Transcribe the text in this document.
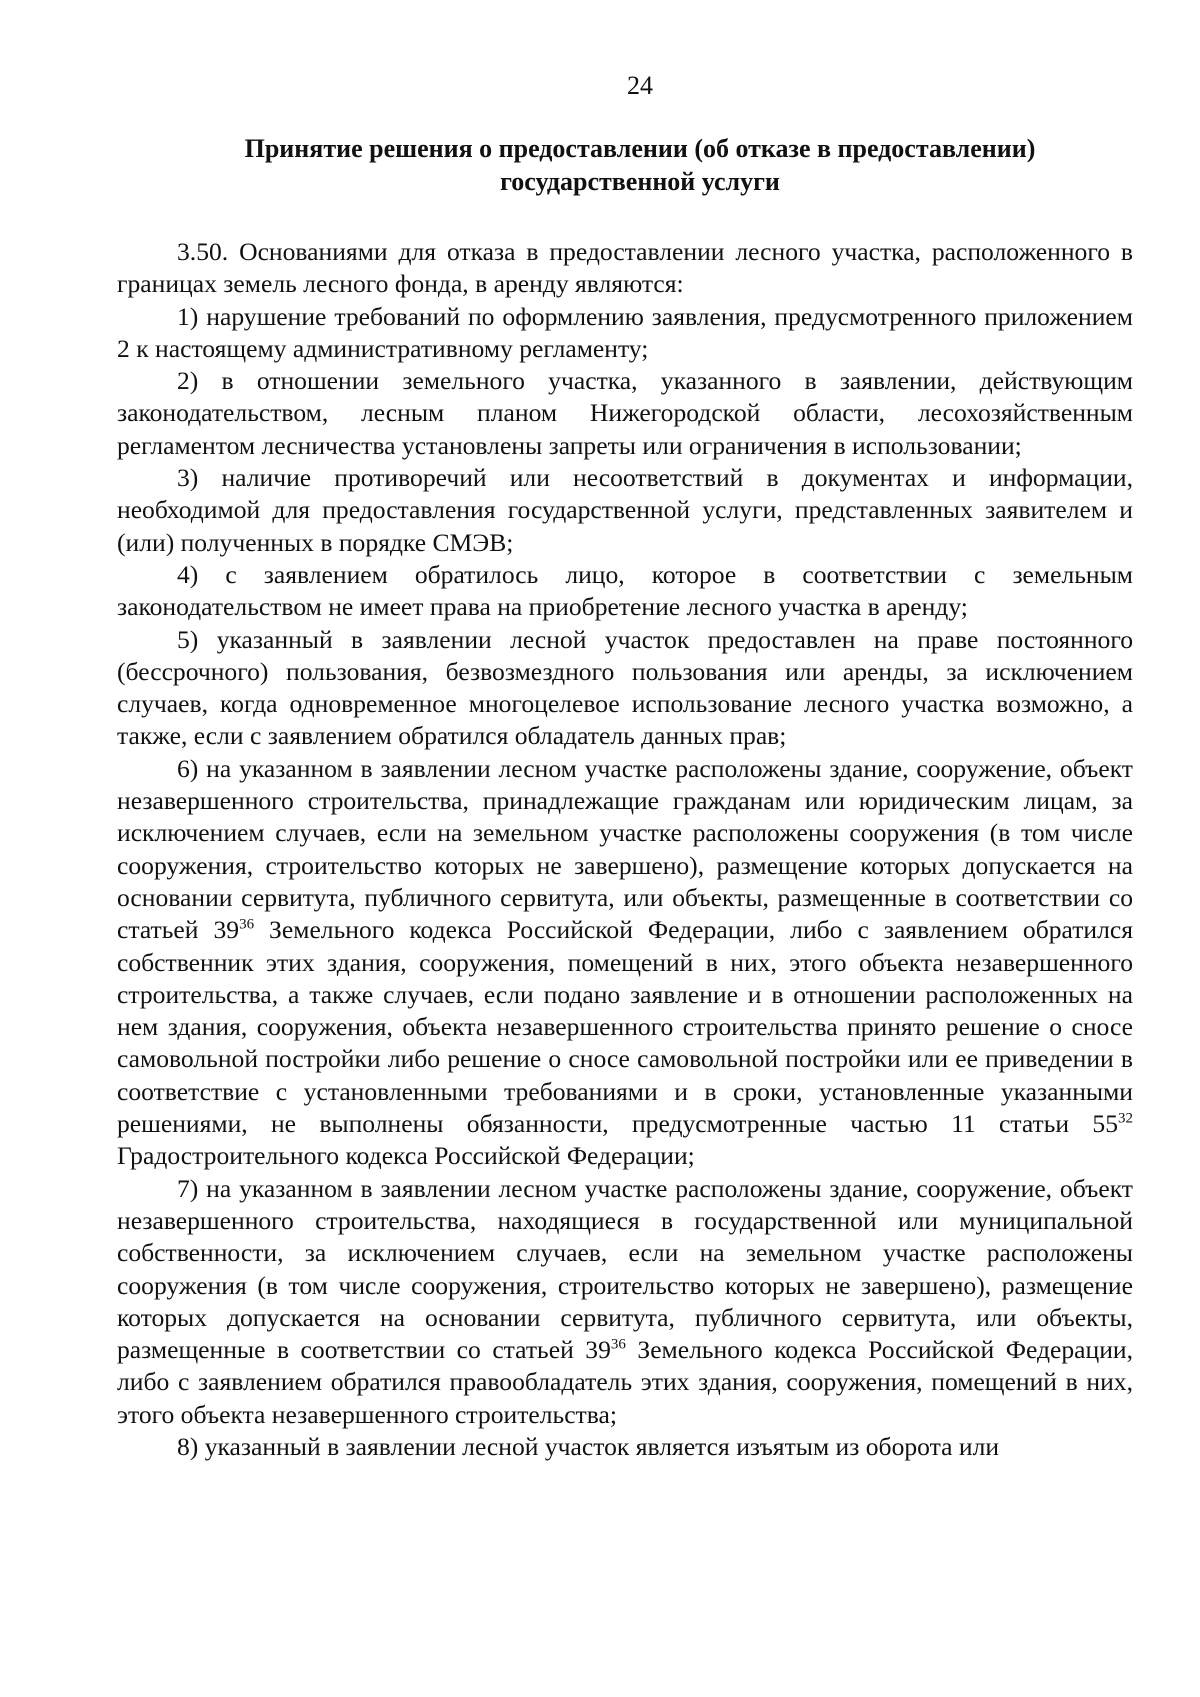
24
Принятие решения о предоставлении (об отказе в предоставлении)
государственной услуги

3.50. Основаниями для отказа в предоставлении лесного участка, расположенного в границах земель лесного фонда, в аренду являются:

1) нарушение требований по оформлению заявления, предусмотренного приложением 2 к настоящему административному регламенту;

2) в отношении земельного участка, указанного в заявлении, действующим законодательством, лесным планом Нижегородской области, лесохозяйственным регламентом лесничества установлены запреты или ограничения в использовании;

3) наличие противоречий или несоответствий в документах и информации, необходимой для предоставления государственной услуги, представленных заявителем и (или) полученных в порядке СМЭВ;

4) с заявлением обратилось лицо, которое в соответствии с земельным законодательством не имеет права на приобретение лесного участка в аренду;

5) указанный в заявлении лесной участок предоставлен на праве постоянного (бессрочного) пользования, безвозмездного пользования или аренды, за исключением случаев, когда одновременное многоцелевое использование лесного участка возможно, а также, если с заявлением обратился обладатель данных прав;

6) на указанном в заявлении лесном участке расположены здание, сооружение, объект незавершенного строительства, принадлежащие гражданам или юридическим лицам, за исключением случаев, если на земельном участке расположены сооружения (в том числе сооружения, строительство которых не завершено), размещение которых допускается на основании сервитута, публичного сервитута, или объекты, размещенные в соответствии со статьей $39^{36}$ Земельного кодекса Российской Федерации, либо с заявлением обратился собственник этих здания, сооружения, помещений в них, этого объекта незавершенного строительства, а также случаев, если подано заявление и в отношении расположенных на нем здания, сооружения, объекта незавершенного строительства принято решение о сносе самовольной постройки либо решение о сносе самовольной постройки или ее приведении в соответствие с установленными требованиями и в сроки, установленные указанными решениями, не выполнены обязанности, предусмотренные частью 11 статьи $55^{32}$ Градостроительного кодекса Российской Федерации;

7) на указанном в заявлении лесном участке расположены здание, сооружение, объект незавершенного строительства, находящиеся в государственной или муниципальной собственности, за исключением случаев, если на земельном участке расположены сооружения (в том числе сооружения, строительство которых не завершено), размещение которых допускается на основании сервитута, публичного сервитута, или объекты, размещенные в соответствии со статьей $39^{36}$ Земельного кодекса Российской Федерации, либо с заявлением обратился правообладатель этих здания, сооружения, помещений в них, этого объекта незавершенного строительства;

8) указанный в заявлении лесной участок является изъятым из оборота или
